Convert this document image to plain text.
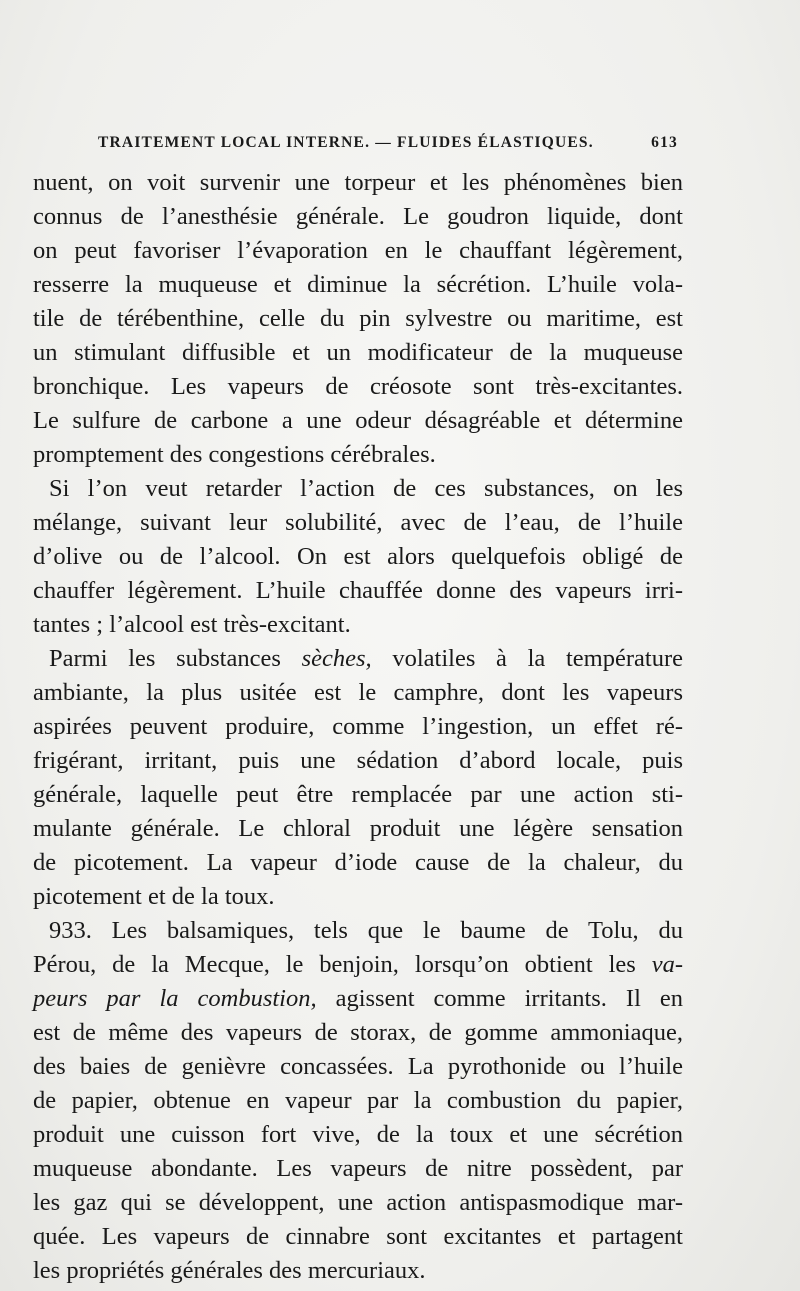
TRAITEMENT LOCAL INTERNE. — FLUIDES ÉLASTIQUES.	613
nuent, on voit survenir une torpeur et les phénomènes bien
connus de l’anesthésie générale. Le goudron liquide, dont
on peut favoriser l’évaporation en le chauffant légèrement,
resserre la muqueuse et diminue la sécrétion. L’huile vola-
tile de térébenthine, celle du pin sylvestre ou maritime, est
un stimulant diffusible et un modificateur de la muqueuse
bronchique. Les vapeurs de créosote sont très-excitantes.
Le sulfure de carbone a une odeur désagréable et détermine
promptement des congestions cérébrales.
Si l’on veut retarder l’action de ces substances, on les
mélange, suivant leur solubilité, avec de l’eau, de l’huile
d’olive ou de l’alcool. On est alors quelquefois obligé de
chauffer légèrement. L’huile chauffée donne des vapeurs irri-
tantes ; l’alcool est très-excitant.
Parmi les substances sèches, volatiles à la température
ambiante, la plus usitée est le camphre, dont les vapeurs
aspirées peuvent produire, comme l’ingestion, un effet ré-
frigérant, irritant, puis une sédation d’abord locale, puis
générale, laquelle peut être remplacée par une action sti-
mulante générale. Le chloral produit une légère sensation
de picotement. La vapeur d’iode cause de la chaleur, du
picotement et de la toux.
933. Les balsamiques, tels que le baume de Tolu, du
Pérou, de la Mecque, le benjoin, lorsqu’on obtient les va-
peurs par la combustion, agissent comme irritants. Il en
est de même des vapeurs de storax, de gomme ammoniaque,
des baies de genièvre concassées. La pyrothonide ou l’huile
de papier, obtenue en vapeur par la combustion du papier,
produit une cuisson fort vive, de la toux et une sécrétion
muqueuse abondante. Les vapeurs de nitre possèdent, par
les gaz qui se développent, une action antispasmodique mar-
quée. Les vapeurs de cinnabre sont excitantes et partagent
les propriétés générales des mercuriaux.
